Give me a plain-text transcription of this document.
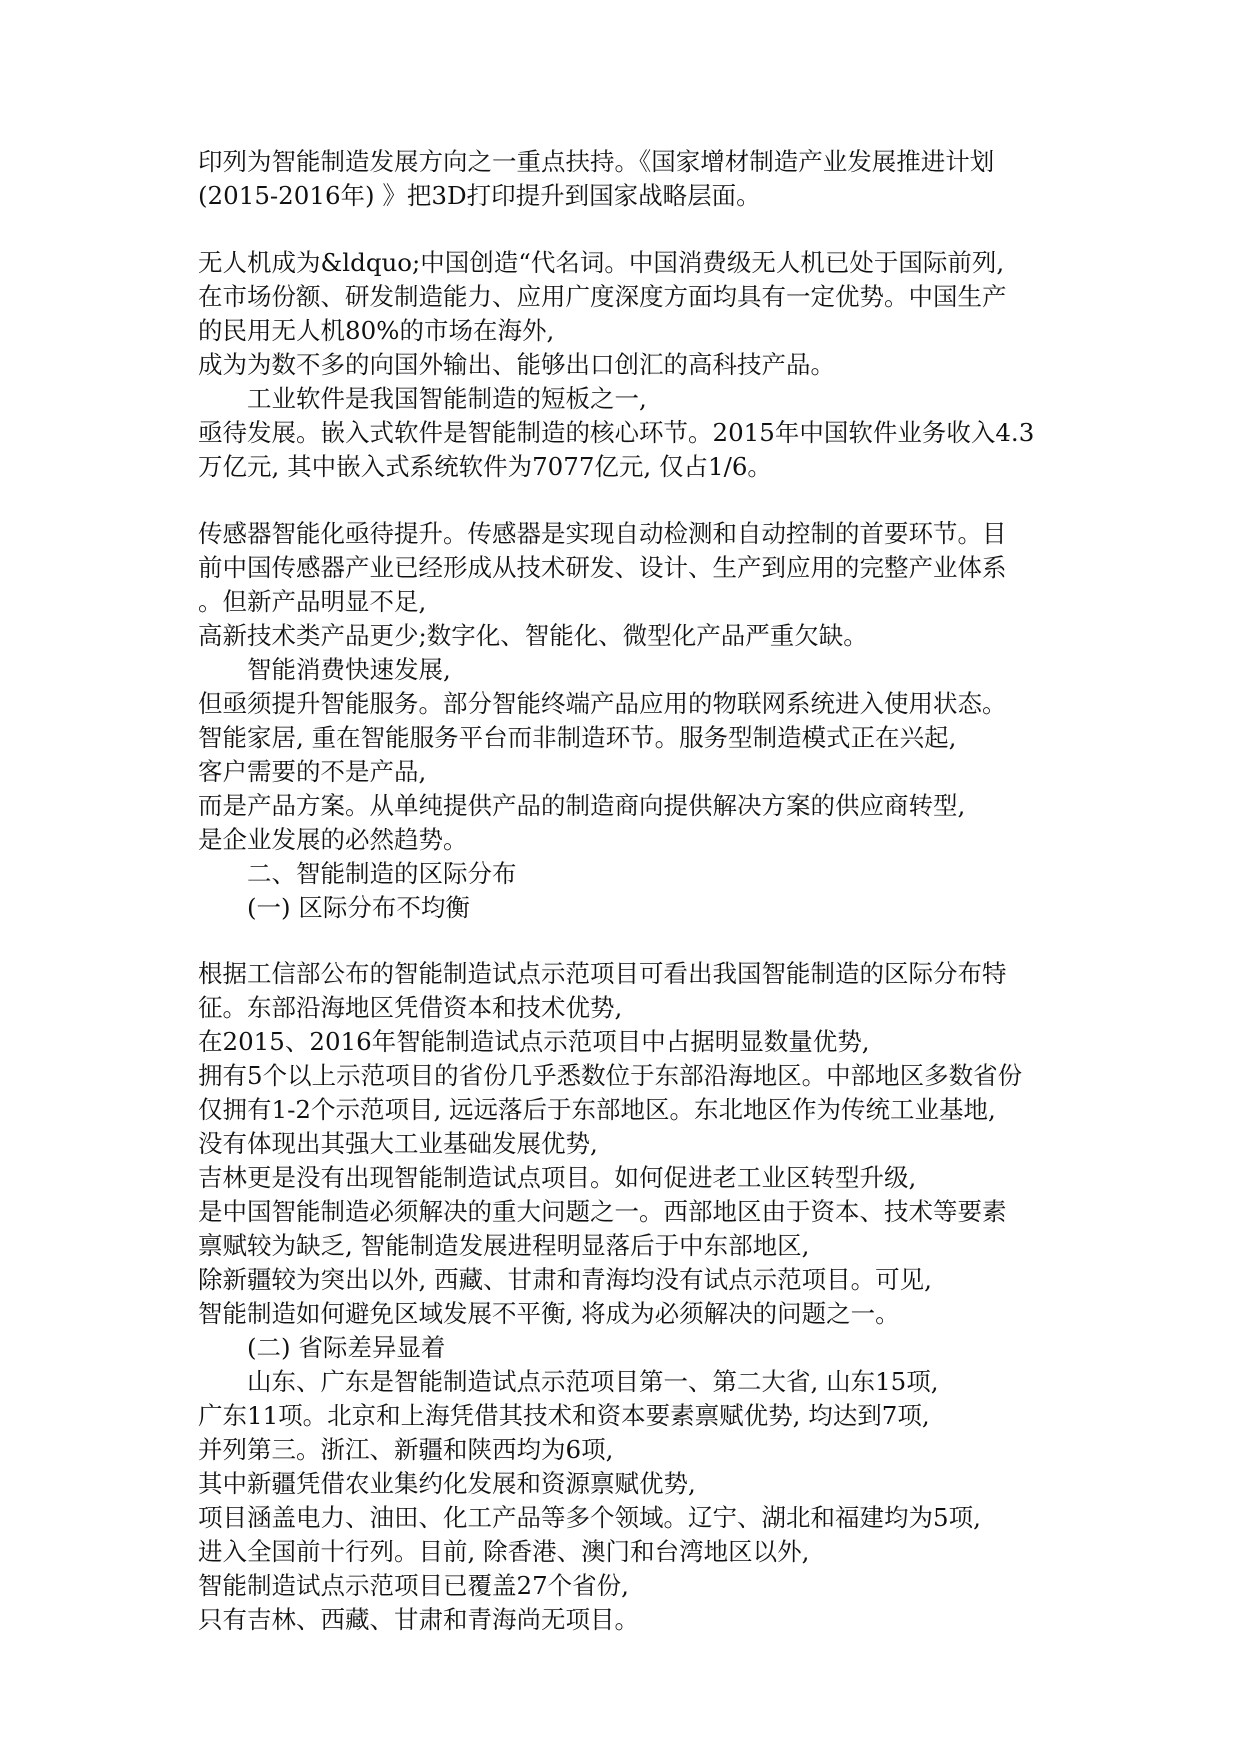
印列为智能制造发展方向之一重点扶持。《国家增材制造产业发展推进计划
(2015-2016年) 》把3D打印提升到国家战略层面。
无人机成为&ldquo;中国创造“代名词。中国消费级无人机已处于国际前列,
在市场份额、研发制造能力、应用广度深度方面均具有一定优势。中国生产
的民用无人机80%的市场在海外,
成为为数不多的向国外输出、能够出口创汇的高科技产品。
工业软件是我国智能制造的短板之一,
亟待发展。嵌入式软件是智能制造的核心环节。2015年中国软件业务收入4.3
万亿元, 其中嵌入式系统软件为7077亿元, 仅占1/6。
传感器智能化亟待提升。传感器是实现自动检测和自动控制的首要环节。目
前中国传感器产业已经形成从技术研发、设计、生产到应用的完整产业体系
。但新产品明显不足,
高新技术类产品更少;数字化、智能化、微型化产品严重欠缺。
智能消费快速发展,
但亟须提升智能服务。部分智能终端产品应用的物联网系统进入使用状态。
智能家居, 重在智能服务平台而非制造环节。服务型制造模式正在兴起,
客户需要的不是产品,
而是产品方案。从单纯提供产品的制造商向提供解决方案的供应商转型,
是企业发展的必然趋势。
二、智能制造的区际分布
(一) 区际分布不均衡
根据工信部公布的智能制造试点示范项目可看出我国智能制造的区际分布特
征。东部沿海地区凭借资本和技术优势,
在2015、2016年智能制造试点示范项目中占据明显数量优势,
拥有5个以上示范项目的省份几乎悉数位于东部沿海地区。中部地区多数省份
仅拥有1-2个示范项目, 远远落后于东部地区。东北地区作为传统工业基地,
没有体现出其强大工业基础发展优势,
吉林更是没有出现智能制造试点项目。如何促进老工业区转型升级,
是中国智能制造必须解决的重大问题之一。西部地区由于资本、技术等要素
禀赋较为缺乏, 智能制造发展进程明显落后于中东部地区,
除新疆较为突出以外, 西藏、甘肃和青海均没有试点示范项目。可见,
智能制造如何避免区域发展不平衡, 将成为必须解决的问题之一。
(二) 省际差异显着
山东、广东是智能制造试点示范项目第一、第二大省, 山东15项,
广东11项。北京和上海凭借其技术和资本要素禀赋优势, 均达到7项,
并列第三。浙江、新疆和陕西均为6项,
其中新疆凭借农业集约化发展和资源禀赋优势,
项目涵盖电力、油田、化工产品等多个领域。辽宁、湖北和福建均为5项,
进入全国前十行列。目前, 除香港、澳门和台湾地区以外,
智能制造试点示范项目已覆盖27个省份,
只有吉林、西藏、甘肃和青海尚无项目。
